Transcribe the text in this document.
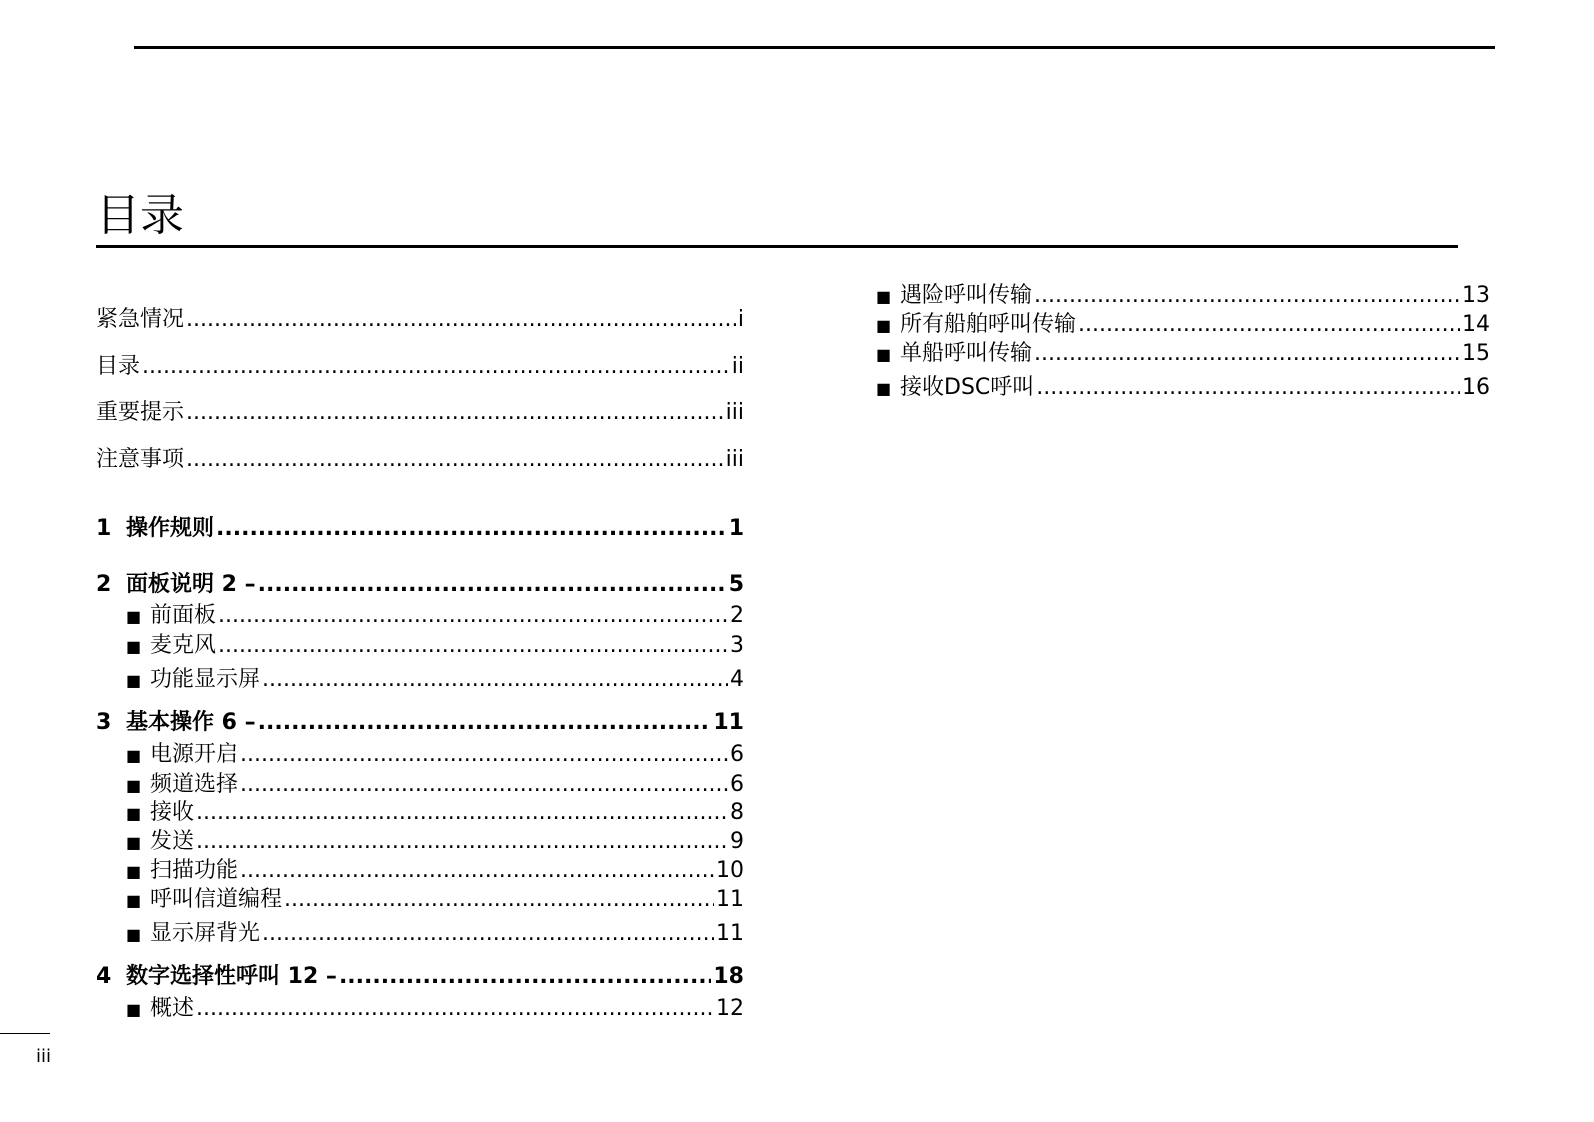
目录
紧急情况 .....	i
目录 .....	ii
重要提示 .....	iii
注意事项 .....	iii
1 操作规则 .....	1
2 面板说明 2 – .....	5
■ 前面板 .....	2
■ 麦克风 .....	3
■ 功能显示屏 .....	4
3 基本操作 6 – .....	11
■ 电源开启 .....	6
■ 频道选择 .....	6
■ 接收 .....	8
■ 发送 .....	9
■ 扫描功能 .....	10
■ 呼叫信道编程 .....	11
■ 显示屏背光 .....	11
4 数字选择性呼叫 12 – .....	18
■ 概述 .....	12
■ 遇险呼叫传输 .....	13
■ 所有船舶呼叫传输 .....	14
■ 单船呼叫传输 .....	15
■ 接收DSC呼叫 .....	16
iii
